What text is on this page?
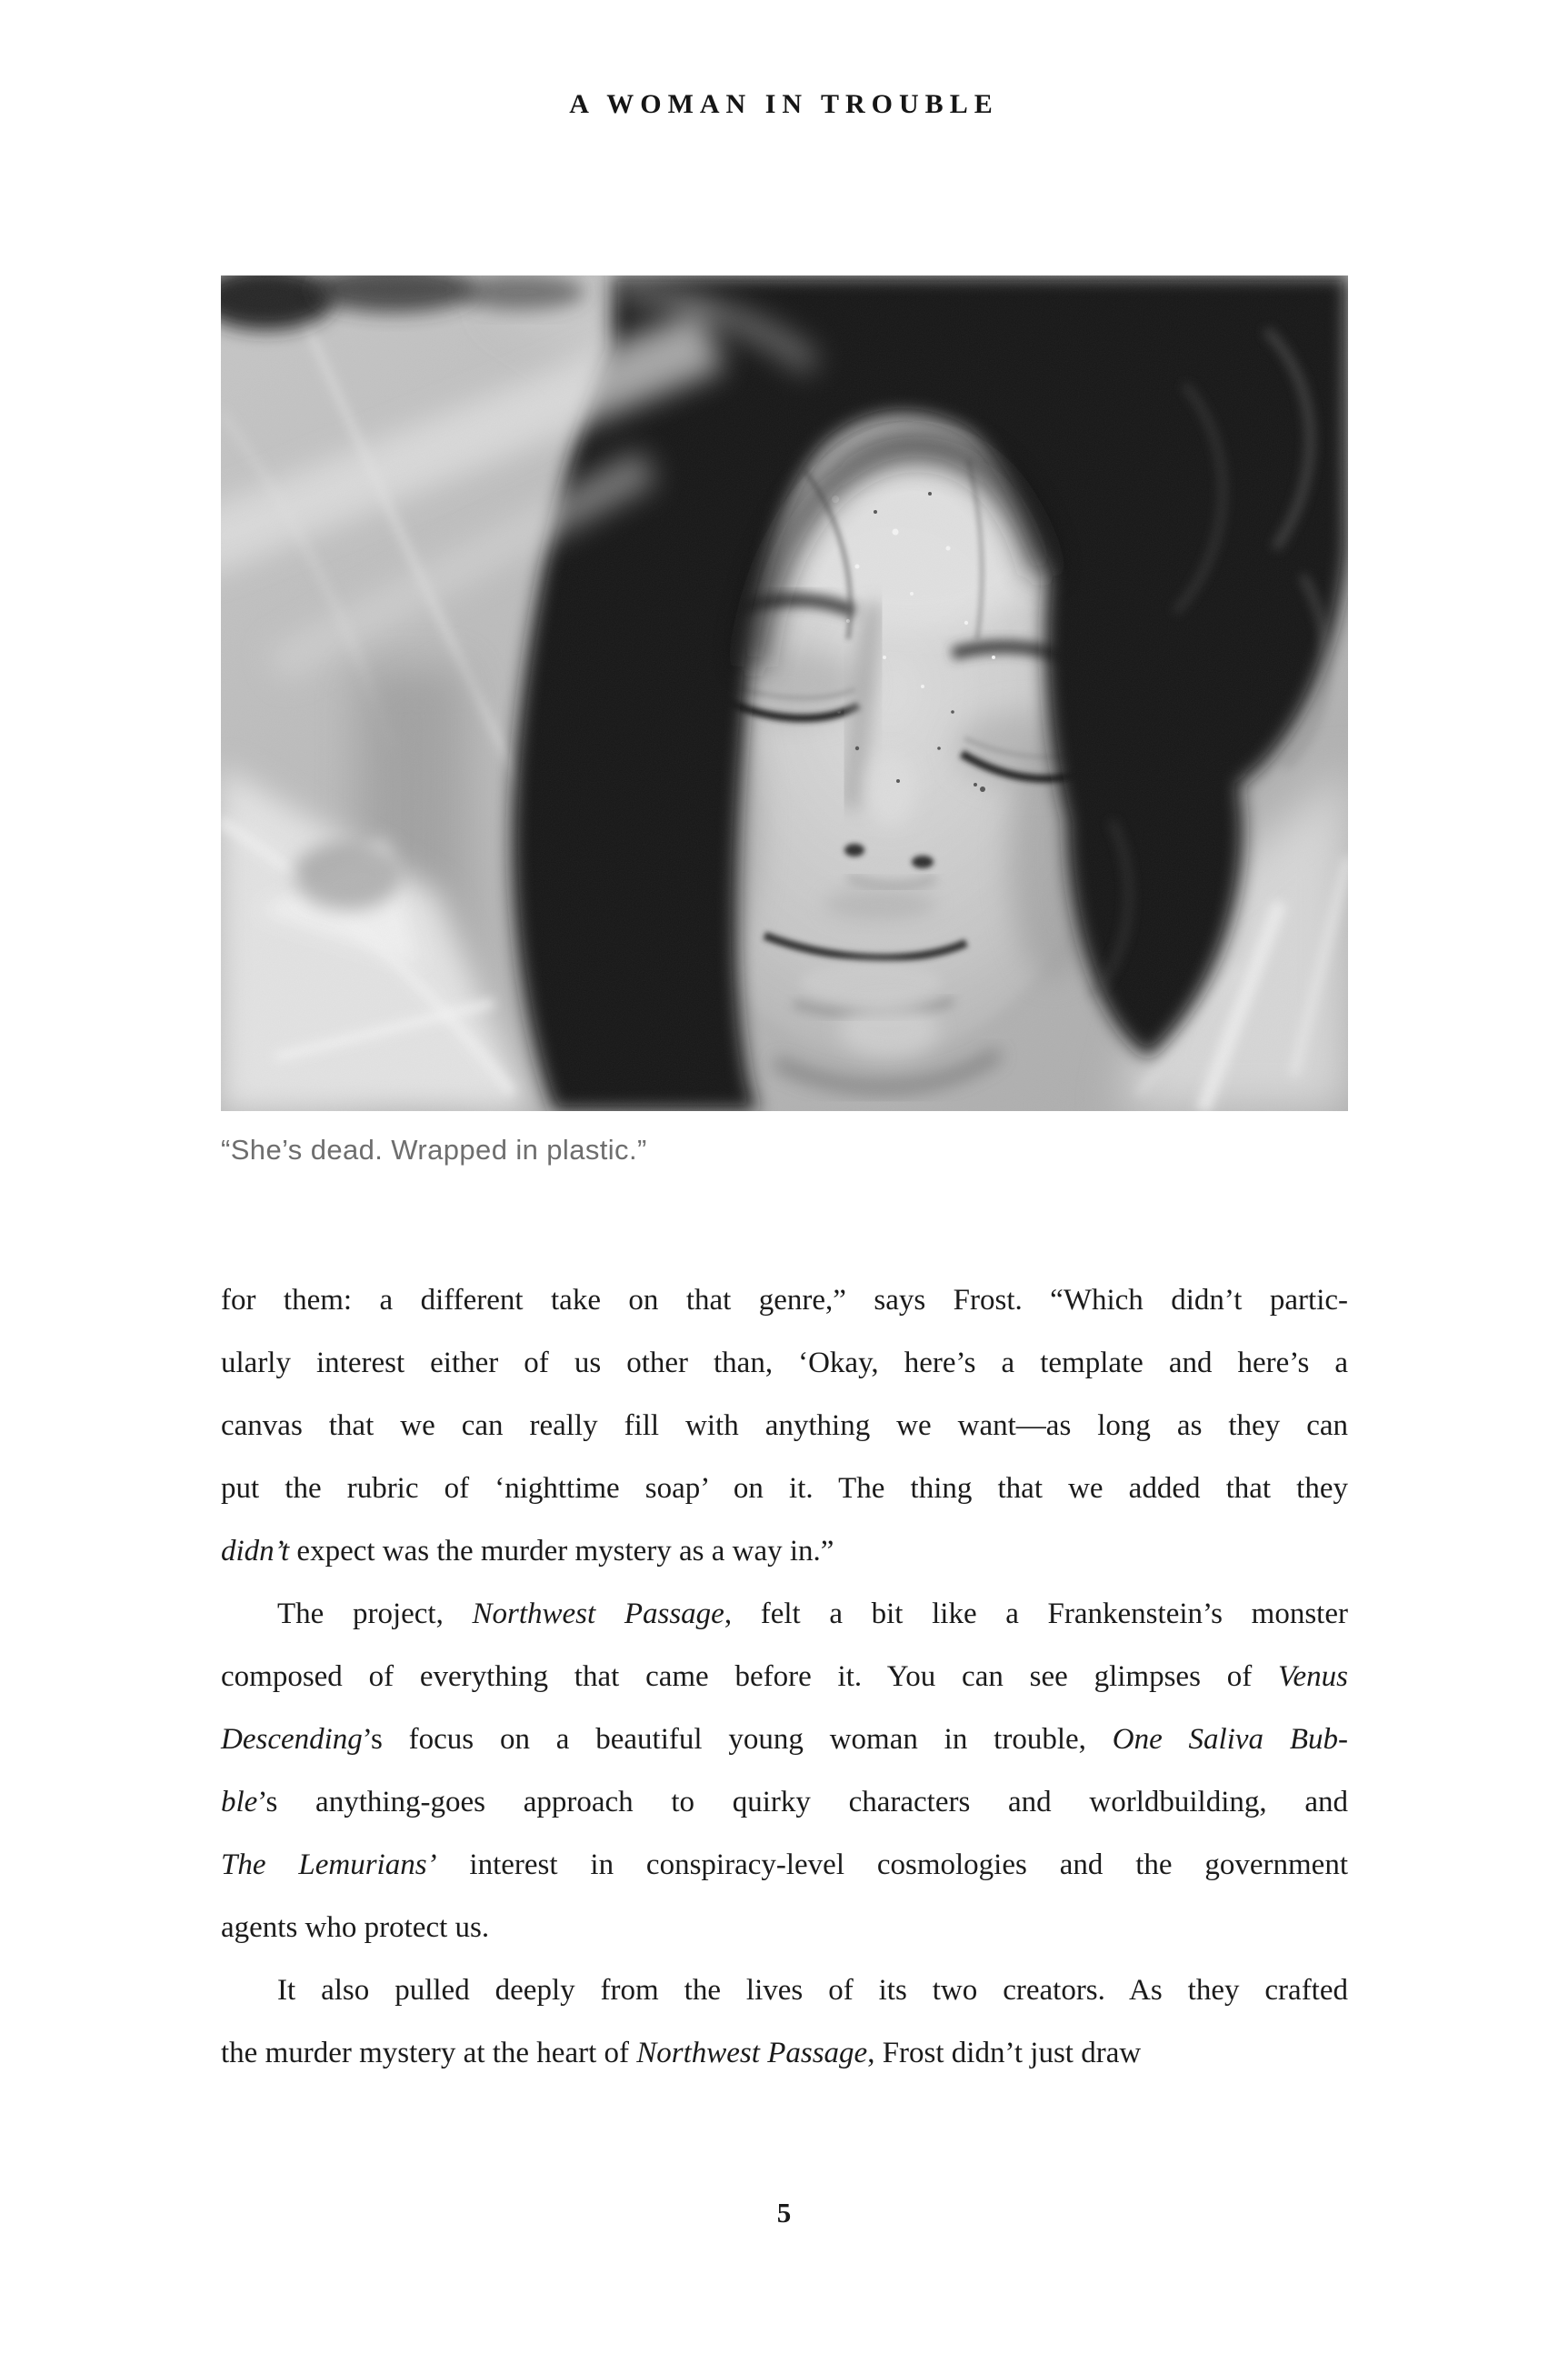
A WOMAN IN TROUBLE
“She’s dead. Wrapped in plastic.”
for them: a different take on that genre,” says Frost. “Which didn’t partic-
ularly interest either of us other than, ‘Okay, here’s a template and here’s a
canvas that we can really fill with anything we want—as long as they can
put the rubric of ‘nighttime soap’ on it. The thing that we added that they
didn’t expect was the murder mystery as a way in.”
The project, Northwest Passage, felt a bit like a Frankenstein’s monster
composed of everything that came before it. You can see glimpses of Venus
Descending’s focus on a beautiful young woman in trouble, One Saliva Bub-
ble’s anything-goes approach to quirky characters and worldbuilding, and
The Lemurians’ interest in conspiracy-level cosmologies and the government
agents who protect us.
It also pulled deeply from the lives of its two creators. As they crafted
the murder mystery at the heart of Northwest Passage, Frost didn’t just draw
5
